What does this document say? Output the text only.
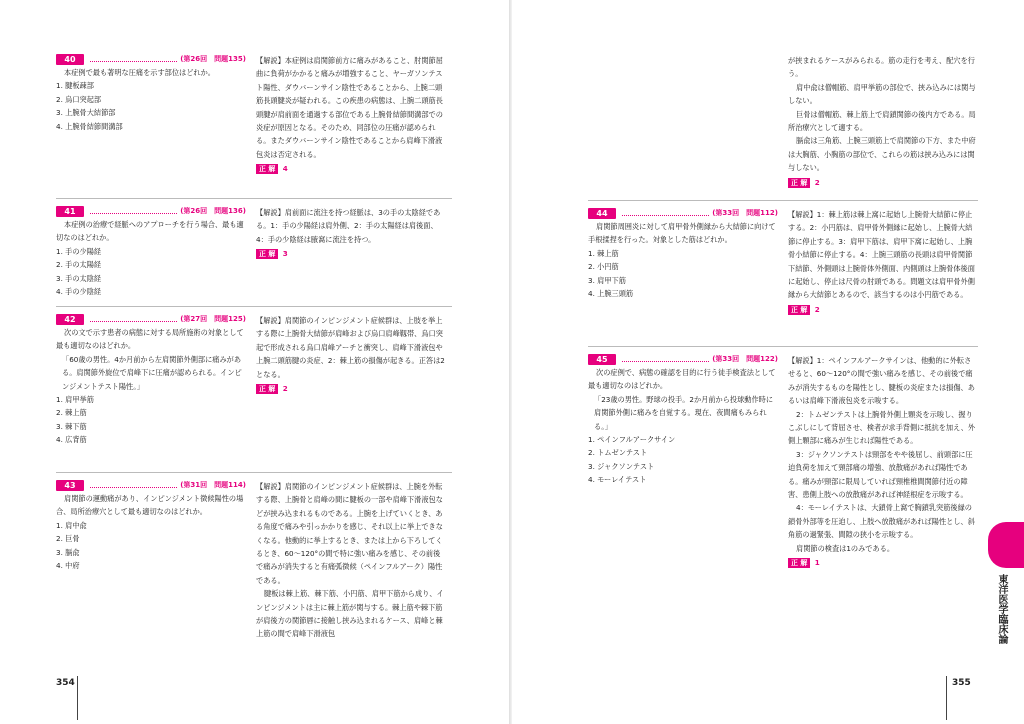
40	(第26回　問題135)

本症例で最も著明な圧痛を示す部位はどれか。

1. 腱板疎部
2. 烏口突起部
3. 上腕骨大結節部
4. 上腕骨結節間溝部

【解説】本症例は肩関節前方に痛みがあること、肘関節屈曲に負荷がかかると痛みが増強すること、ヤーガソンテスト陽性、ダウバーンサイン陰性であることから、上腕二頭筋長頭腱炎が疑われる。この疾患の病態は、上腕二頭筋長頭腱が肩前面を通過する部位である上腕骨結節間溝部での炎症が原因となる。そのため、同部位の圧痛が認められる。またダウバーンサイン陰性であることから肩峰下滑液包炎は否定される。

正 解 4
41	(第26回　問題136)

本症例の治療で経脈へのアプローチを行う場合、最も適切なのはどれか。

1. 手の少陽経
2. 手の太陽経
3. 手の太陰経
4. 手の少陰経

【解説】肩前面に流注を持つ経脈は、3の手の太陰経である。1：手の少陽経は肩外側、2：手の太陽経は肩後面、4：手の少陰経は腋窩に流注を持つ。

正 解 3
42	(第27回　問題125)

次の文で示す患者の病態に対する局所施術の対象として最も適切なのはどれか。

「60歳の男性。4か月前から左肩関節外側部に痛みがある。肩関節外旋位で肩峰下に圧痛が認められる。インピンジメントテスト陽性。」

1. 肩甲挙筋
2. 棘上筋
3. 棘下筋
4. 広背筋

【解説】肩関節のインピンジメント症候群は、上肢を挙上する際に上腕骨大結節が肩峰および烏口肩峰靱帯、烏口突起で形成される烏口肩峰アーチと衝突し、肩峰下滑液包や上腕二頭筋腱の炎症、2：棘上筋の損傷が起きる。正答は2となる。

正 解 2
43	(第31回　問題114)

肩関節の運動痛があり、インピンジメント徴候陽性の場合、局所治療穴として最も適切なのはどれか。

1. 肩中兪
2. 巨骨
3. 膈兪
4. 中府

【解説】肩関節のインピンジメント症候群は、上腕を外転する際、上腕骨と肩峰の間に腱板の一部や肩峰下滑液包などが挟み込まれるものである。上腕を上げていくとき、ある角度で痛みや引っかかりを感じ、それ以上に挙上できなくなる。他動的に挙上するとき、または上から下ろしてくるとき、60〜120°の間で特に強い痛みを感じ、その前後で痛みが消失すると有痛弧徴候（ペインフルアーク）陽性である。

腱板は棘上筋、棘下筋、小円筋、肩甲下筋から成り、インピンジメントは主に棘上筋が関与する。棘上筋や棘下筋が肩後方の関節唇に接触し挟み込まれるケース、肩峰と棘上筋の間で肩峰下滑液包

354

が挟まれるケースがみられる。筋の走行を考え、配穴を行う。

肩中兪は僧帽筋、肩甲挙筋の部位で、挟み込みには関与しない。

巨骨は僧帽筋、棘上筋上で肩鎖関節の後内方である。局所治療穴として適する。

膈兪は三角筋、上腕三頭筋上で肩関節の下方、また中府は大胸筋、小胸筋の部位で、これらの筋は挟み込みには関与しない。

正 解 2
44	(第33回　問題112)

肩関節周囲炎に対して肩甲骨外側縁から大結節に向けて手根揉捏を行った。対象とした筋はどれか。

1. 棘上筋
2. 小円筋
3. 肩甲下筋
4. 上腕三頭筋

【解説】1：棘上筋は棘上窩に起始し上腕骨大結節に停止する。2：小円筋は、肩甲骨外側縁に起始し、上腕骨大結節に停止する。3：肩甲下筋は、肩甲下窩に起始し、上腕骨小結節に停止する。4：上腕三頭筋の長頭は肩甲骨関節下結節、外側頭は上腕骨体外側面、内側頭は上腕骨体後面に起始し、停止は尺骨の肘頭である。問題文は肩甲骨外側縁から大結節とあるので、該当するのは小円筋である。

正 解 2
45	(第33回　問題122)

次の症例で、病態の確認を目的に行う徒手検査法として最も適切なのはどれか。

「23歳の男性。野球の投手。2か月前から投球動作時に肩関節外側に痛みを自覚する。現在、夜間痛もみられる。」

1. ペインフルアークサイン
2. トムゼンテスト
3. ジャクソンテスト
4. モーレイテスト

【解説】1：ペインフルアークサインは、他動的に外転させると、60〜120°の間で強い痛みを感じ、その前後で痛みが消失するものを陽性とし、腱板の炎症または損傷、あるいは肩峰下滑液包炎を示唆する。

2：トムゼンテストは上腕骨外側上顆炎を示唆し、握りこぶしにして背屈させ、検者が求手背側に抵抗を加え、外側上顆部に痛みが生じれば陽性である。

3：ジャクソンテストは頸部をやや後屈し、前頭部に圧迫負荷を加えて頸部痛の增強、放散痛があれば陽性である。痛みが頸部に限局していれば頸椎椎間関節付近の障害、患側上肢への放散痛があれば神経根症を示唆する。

4：モーレイテストは、大鎖骨上窩で胸鎖乳突筋後縁の鎖骨外部等を圧迫し、上肢へ放散痛があれば陽性とし、斜角筋の過緊張、間隙の狭小を示唆する。

肩関節の検査は1のみである。

正 解 1
355
東洋医学臨床論
